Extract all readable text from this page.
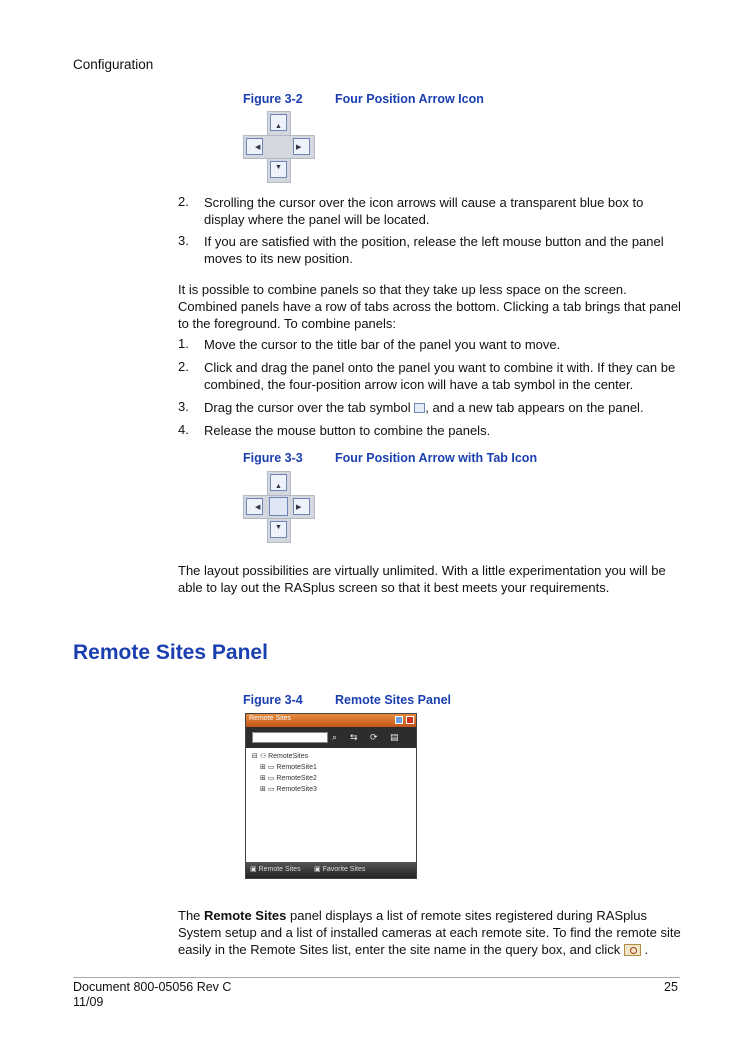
Configuration
Figure 3-2	Four Position Arrow Icon
▲
▼
◀	▶
2. Scrolling the cursor over the icon arrows will cause a transparent blue box to display where the panel will be located.
3. If you are satisfied with the position, release the left mouse button and the panel moves to its new position.
It is possible to combine panels so that they take up less space on the screen. Combined panels have a row of tabs across the bottom. Clicking a tab brings that panel to the foreground. To combine panels:
1. Move the cursor to the title bar of the panel you want to move.
2. Click and drag the panel onto the panel you want to combine it with. If they can be combined, the four-position arrow icon will have a tab symbol in the center.
3. Drag the cursor over the tab symbol , and a new tab appears on the panel.
4. Release the mouse button to combine the panels.
Figure 3-3	Four Position Arrow with Tab Icon
▲
▼
◀	▶
The layout possibilities are virtually unlimited. With a little experimentation you will be able to lay out the RASplus screen so that it best meets your requirements.
Remote Sites Panel
Figure 3-4	Remote Sites Panel
Remote Sites
⌕	⇆ ⟳ ▤
⊟ ⚇ RemoteSites
⊞ ▭ RemoteSite1
⊞ ▭ RemoteSite2
⊞ ▭ RemoteSite3
▣ Remote Sites ▣ Favorite Sites
The Remote Sites panel displays a list of remote sites registered during RASplus System setup and a list of installed cameras at each remote site. To find the remote site easily in the Remote Sites list, enter the site name in the query box, and click .
Document 800-05056 Rev C
11/09
25
